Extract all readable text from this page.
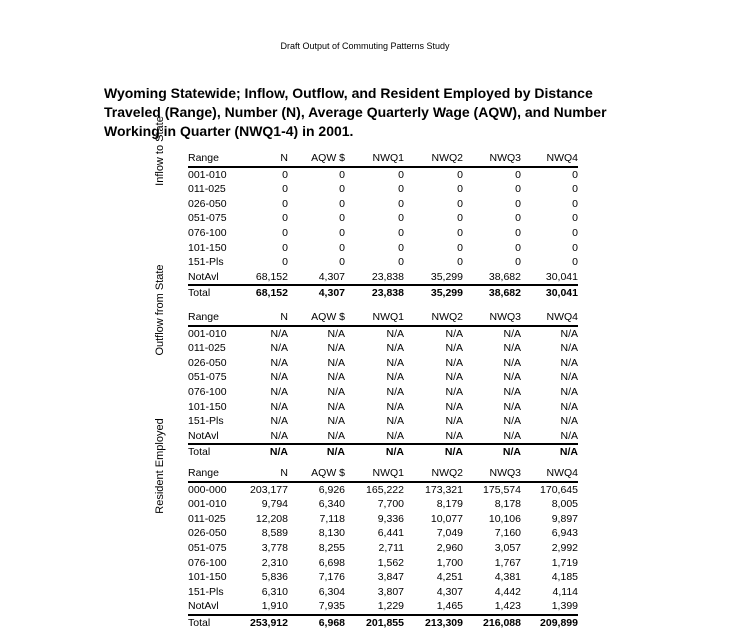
Draft Output of Commuting Patterns Study
Wyoming Statewide; Inflow, Outflow, and Resident Employed by Distance Traveled (Range), Number (N), Average Quarterly Wage (AQW), and Number Working in Quarter (NWQ1-4) in 2001.
Inflow to State Range	N	AQW $	NWQ1	NWQ2	NWQ3	NWQ4
001-010	0	0	0	0	0	0
011-025	0	0	0	0	0	0
026-050	0	0	0	0	0	0
051-075	0	0	0	0	0	0
076-100	0	0	0	0	0	0
101-150	0	0	0	0	0	0
151-Pls	0	0	0	0	0	0
NotAvl	68,152	4,307	23,838	35,299	38,682	30,041
Total	68,152	4,307	23,838	35,299	38,682	30,041
Outflow from State Range	N	AQW $	NWQ1	NWQ2	NWQ3	NWQ4
001-010	N/A	N/A	N/A	N/A	N/A	N/A
011-025	N/A	N/A	N/A	N/A	N/A	N/A
026-050	N/A	N/A	N/A	N/A	N/A	N/A
051-075	N/A	N/A	N/A	N/A	N/A	N/A
076-100	N/A	N/A	N/A	N/A	N/A	N/A
101-150	N/A	N/A	N/A	N/A	N/A	N/A
151-Pls	N/A	N/A	N/A	N/A	N/A	N/A
NotAvl	N/A	N/A	N/A	N/A	N/A	N/A
Total	N/A	N/A	N/A	N/A	N/A	N/A
Resident Employed Range	N	AQW $	NWQ1	NWQ2	NWQ3	NWQ4
000-000	203,177	6,926	165,222	173,321	175,574	170,645
001-010	9,794	6,340	7,700	8,179	8,178	8,005
011-025	12,208	7,118	9,336	10,077	10,106	9,897
026-050	8,589	8,130	6,441	7,049	7,160	6,943
051-075	3,778	8,255	2,711	2,960	3,057	2,992
076-100	2,310	6,698	1,562	1,700	1,767	1,719
101-150	5,836	7,176	3,847	4,251	4,381	4,185
151-Pls	6,310	6,304	3,807	4,307	4,442	4,114
NotAvl	1,910	7,935	1,229	1,465	1,423	1,399
Total	253,912	6,968	201,855	213,309	216,088	209,899
